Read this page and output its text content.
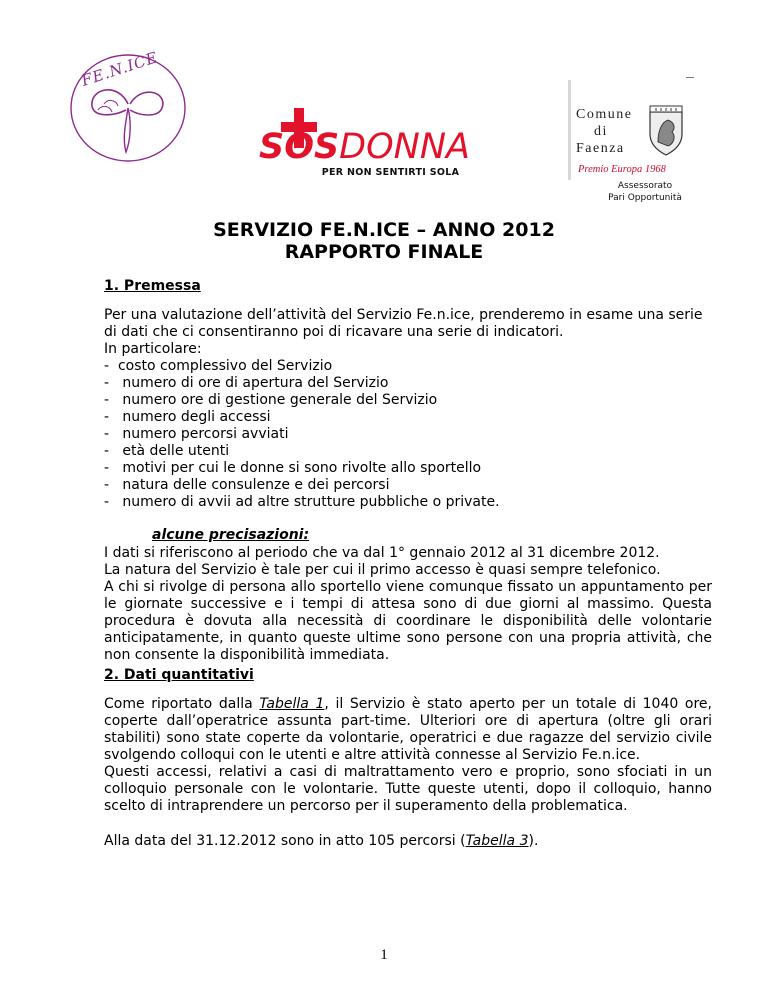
FE.N.ICE
SOSDONNA
PER NON SENTIRTI SOLA
Comune
di
Faenza
Premio Europa 1968
Assessorato
Pari Opportunità
SERVIZIO FE.N.ICE – ANNO 2012
RAPPORTO FINALE
1. Premessa

Per una valutazione dell’attività del Servizio Fe.n.ice, prenderemo in esame una serie

di dati che ci consentiranno poi di ricavare una serie di indicatori.

In particolare:

-  costo complessivo del Servizio

-   numero di ore di apertura del Servizio

-   numero ore di gestione generale del Servizio

-   numero degli accessi

-   numero percorsi avviati

-   età delle utenti

-   motivi per cui le donne si sono rivolte allo sportello

-   natura delle consulenze e dei percorsi

-   numero di avvii ad altre strutture pubbliche o private.

alcune precisazioni:

I dati si riferiscono al periodo che va dal 1° gennaio 2012 al 31 dicembre 2012.

La natura del Servizio è tale per cui il primo accesso è quasi sempre telefonico.

A chi si rivolge di persona allo sportello viene comunque fissato un appuntamento per le giornate successive e i tempi di attesa sono di due giorni al massimo. Questa procedura è dovuta alla necessità di coordinare le disponibilità delle volontarie anticipatamente, in quanto queste ultime sono persone con una propria attività, che non consente la disponibilità immediata.

2. Dati quantitativi

Come riportato dalla Tabella 1, il Servizio è stato aperto per un totale di 1040 ore, coperte dall’operatrice assunta part-time. Ulteriori ore di apertura (oltre gli orari stabiliti) sono state coperte da volontarie, operatrici e due ragazze del servizio civile svolgendo colloqui con le utenti e altre attività connesse al Servizio Fe.n.ice.

Questi accessi, relativi a casi di maltrattamento vero e proprio, sono sfociati in un colloquio personale con le volontarie. Tutte queste utenti, dopo il colloquio, hanno scelto di intraprendere un percorso per il superamento della problematica.

Alla data del 31.12.2012 sono in atto 105 percorsi (Tabella 3).

1
